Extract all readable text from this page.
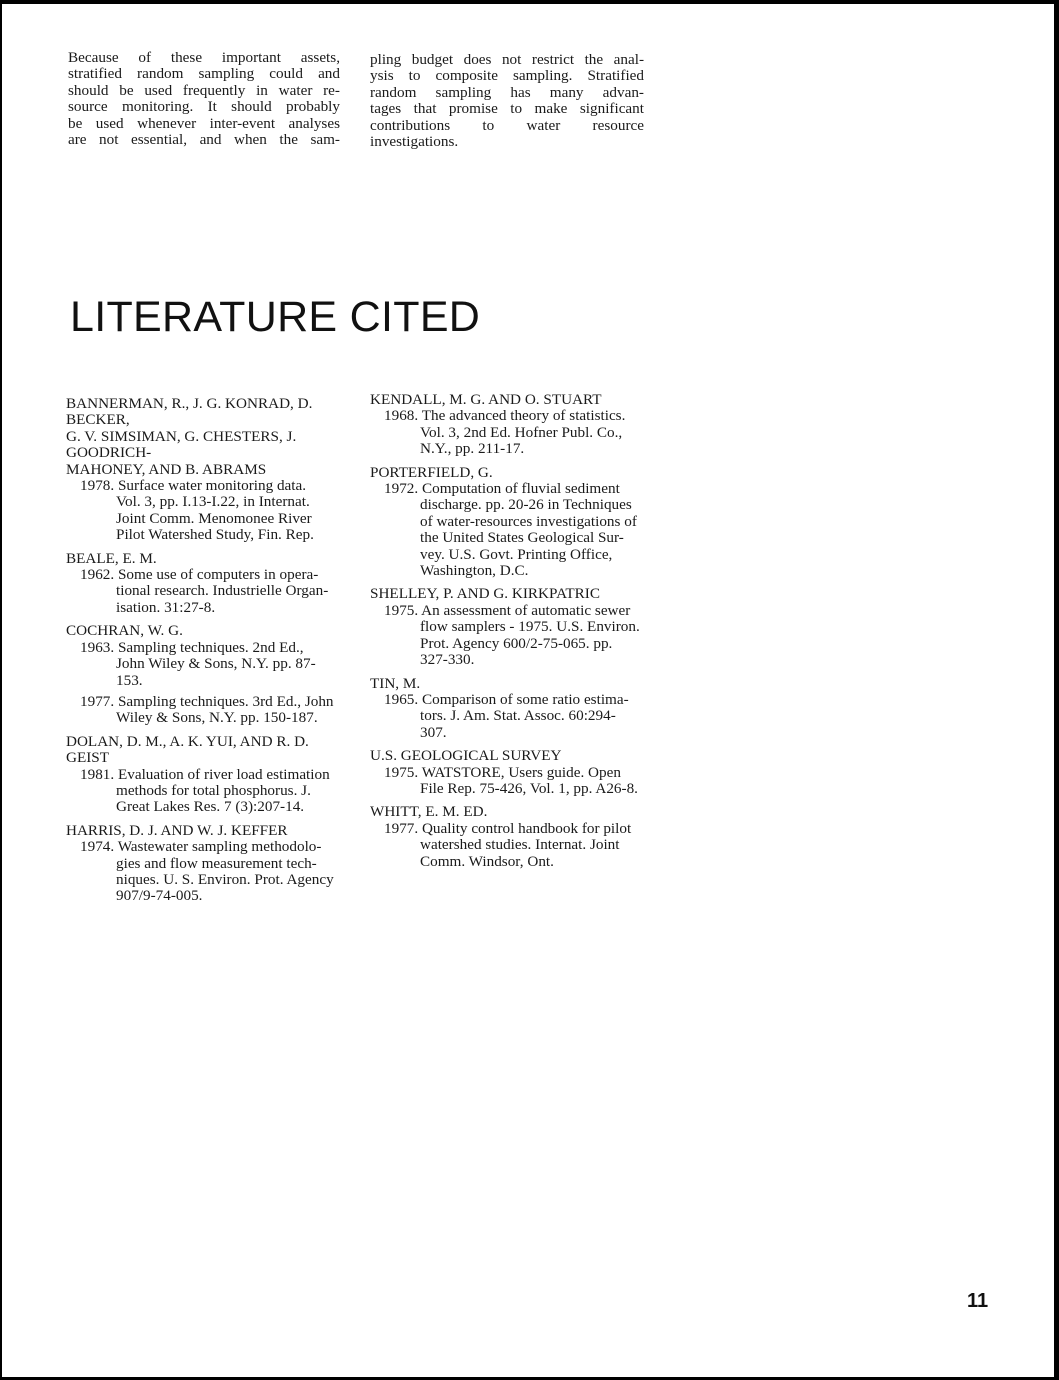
Because of these important assets,
stratified random sampling could and
should be used frequently in water re-
source monitoring. It should probably
be used whenever inter-event analyses
are not essential, and when the sam-

pling budget does not restrict the anal-
ysis to composite sampling. Stratified
random sampling has many advan-
tages that promise to make significant
contributions to water resource
investigations.

LITERATURE CITED
BANNERMAN, R., J. G. KONRAD, D. BECKER,
G. V. SIMSIMAN, G. CHESTERS, J. GOODRICH-
MAHONEY, AND B. ABRAMS
1978. Surface water monitoring data.
Vol. 3, pp. I.13-I.22, in Internat.
Joint Comm. Menomonee River
Pilot Watershed Study, Fin. Rep.
BEALE, E. M.
1962. Some use of computers in opera-
tional research. Industrielle Organ-
isation. 31:27-8.
COCHRAN, W. G.
1963. Sampling techniques. 2nd Ed.,
John Wiley & Sons, N.Y. pp. 87-
153.
1977. Sampling techniques. 3rd Ed., John
Wiley & Sons, N.Y. pp. 150-187.
DOLAN, D. M., A. K. YUI, AND R. D. GEIST
1981. Evaluation of river load estimation
methods for total phosphorus. J.
Great Lakes Res. 7 (3):207-14.
HARRIS, D. J. AND W. J. KEFFER
1974. Wastewater sampling methodolo-
gies and flow measurement tech-
niques. U. S. Environ. Prot. Agency
907/9-74-005.
KENDALL, M. G. AND O. STUART
1968. The advanced theory of statistics.
Vol. 3, 2nd Ed. Hofner Publ. Co.,
N.Y., pp. 211-17.
PORTERFIELD, G.
1972. Computation of fluvial sediment
discharge. pp. 20-26 in Techniques
of water-resources investigations of
the United States Geological Sur-
vey. U.S. Govt. Printing Office,
Washington, D.C.
SHELLEY, P. AND G. KIRKPATRIC
1975. An assessment of automatic sewer
flow samplers - 1975. U.S. Environ.
Prot. Agency 600/2-75-065. pp.
327-330.
TIN, M.
1965. Comparison of some ratio estima-
tors. J. Am. Stat. Assoc. 60:294-307.
U.S. GEOLOGICAL SURVEY
1975. WATSTORE, Users guide. Open
File Rep. 75-426, Vol. 1, pp. A26-8.
WHITT, E. M. ED.
1977. Quality control handbook for pilot
watershed studies. Internat. Joint
Comm. Windsor, Ont.
11
